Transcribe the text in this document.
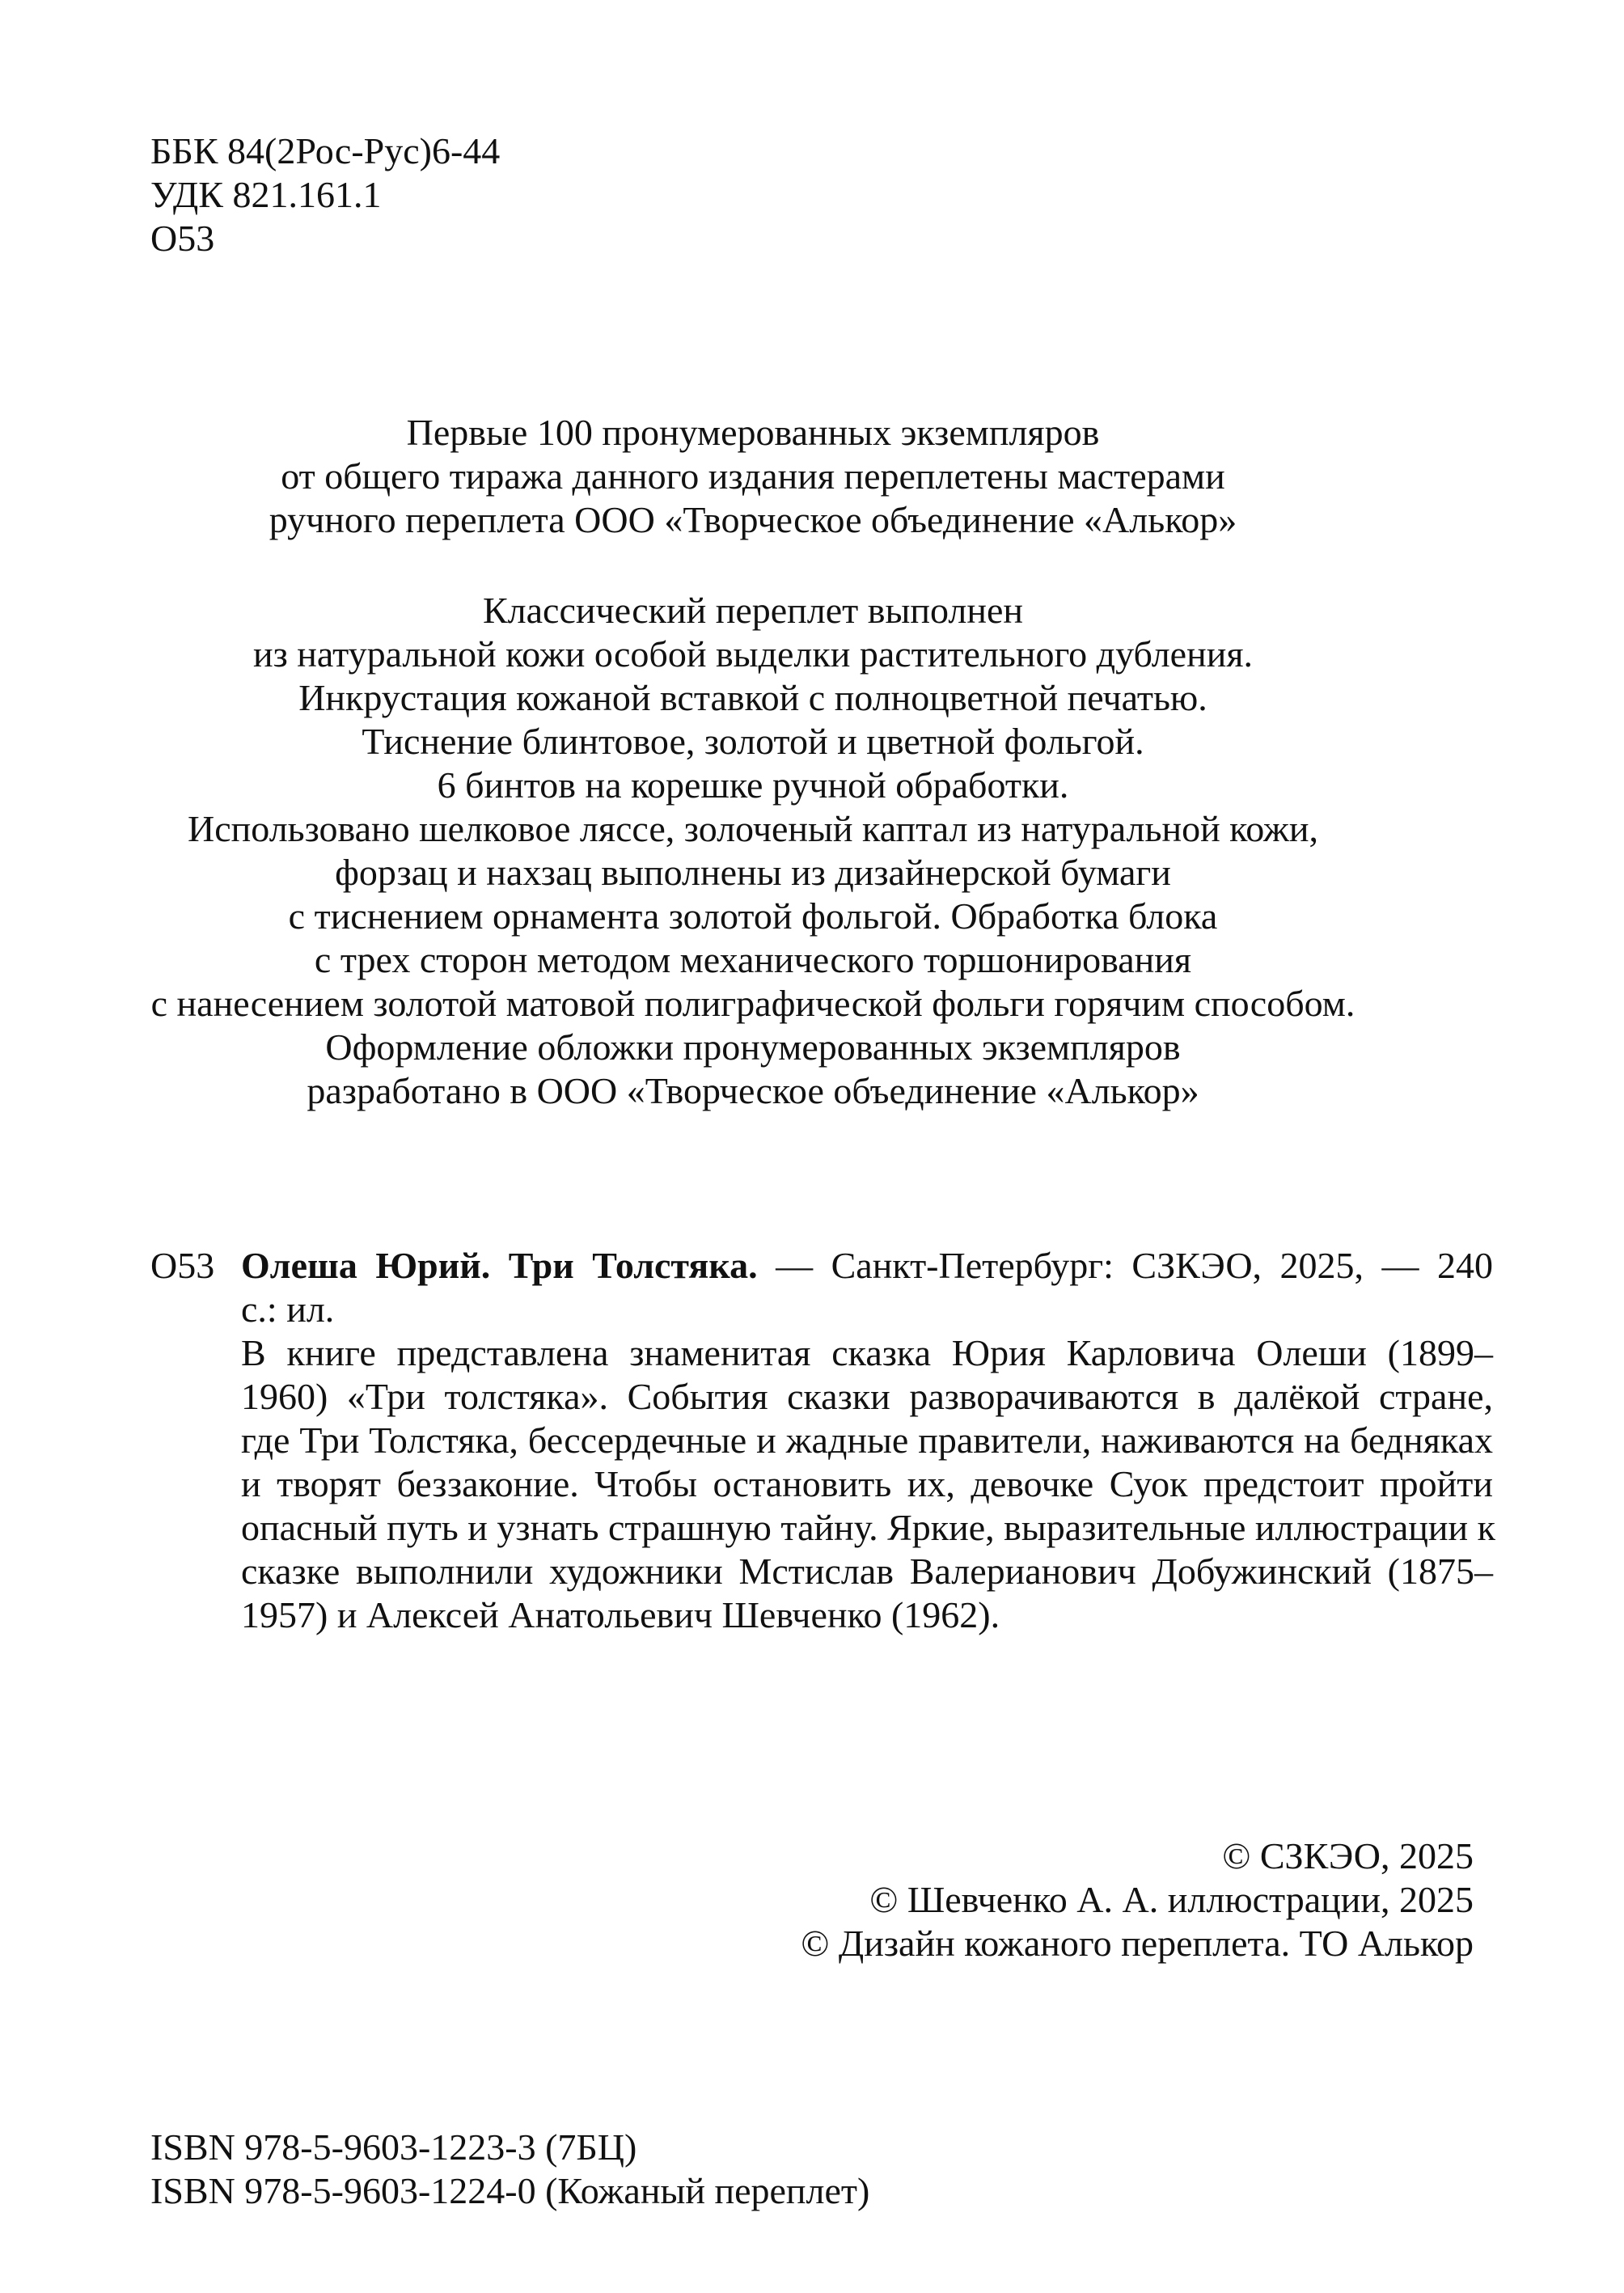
ББК 84(2Рос-Рус)6-44
УДК 821.161.1
О53
Первые 100 пронумерованных экземпляров
от общего тиража данного издания переплетены мастерами
ручного переплета ООО «Творческое объединение «Алькор»
Классический переплет выполнен
из натуральной кожи особой выделки растительного дубления.
Инкрустация кожаной вставкой с полноцветной печатью.
Тиснение блинтовое, золотой и цветной фольгой.
6 бинтов на корешке ручной обработки.
Использовано шелковое ляссе, золоченый каптал из натуральной кожи,
форзац и нахзац выполнены из дизайнерской бумаги
с тиснением орнамента золотой фольгой. Обработка блока
с трех сторон методом механического торшонирования
с нанесением золотой матовой полиграфической фольги горячим способом.
Оформление обложки пронумерованных экземпляров
разработано в ООО «Творческое объединение «Алькор»
О53 Олеша Юрий. Три Толстяка. — Санкт-Петербург: СЗКЭО, 2025, — 240
с.: ил.
В книге представлена знаменитая сказка Юрия Карловича Олеши (1899–
1960) «Три толстяка». События сказки разворачиваются в далёкой стране,
где Три Толстяка, бессердечные и жадные правители, наживаются на бедняках
и творят беззаконие. Чтобы остановить их, девочке Суок предстоит пройти
опасный путь и узнать страшную тайну. Яркие, выразительные иллюстрации к
сказке выполнили художники Мстислав Валерианович Добужинский (1875–
1957) и Алексей Анатольевич Шевченко (1962).
© СЗКЭО, 2025
© Шевченко А. А. иллюстрации, 2025
© Дизайн кожаного переплета. ТО Алькор
ISBN 978-5-9603-1223-3 (7БЦ)
ISBN 978-5-9603-1224-0 (Кожаный переплет)
